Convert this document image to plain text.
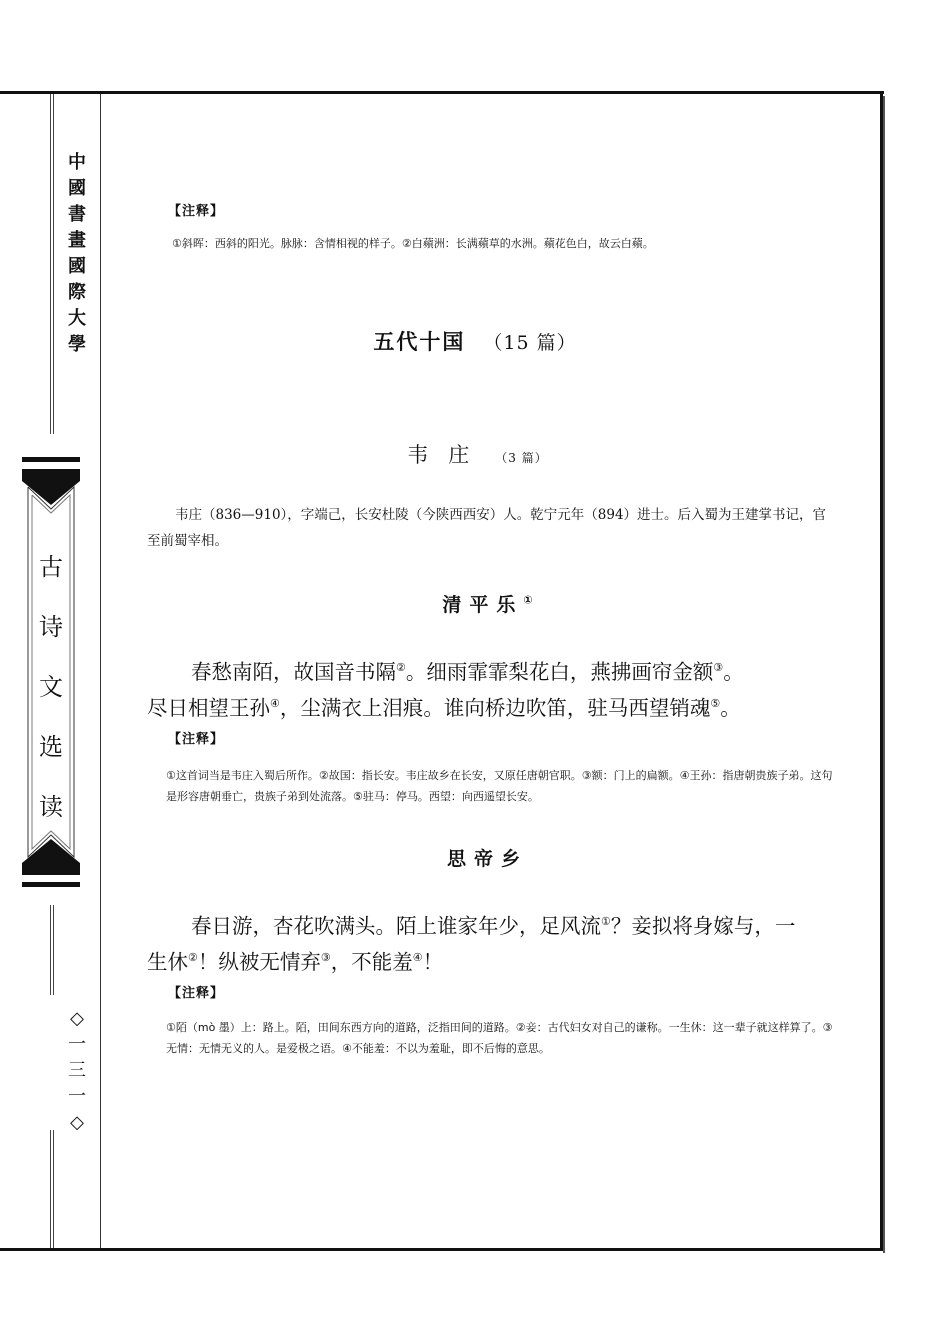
中
國
書
畫
國
際
大
學
古
诗
文
选
读
◇
一
三
一
◇
【注释】
①斜晖：西斜的阳光。脉脉：含情相视的样子。②白蘋洲：长满蘋草的水洲。蘋花色白，故云白蘋。
五代十国 （15 篇）
韦庄 （3 篇）
韦庄（836—910），字端己，长安杜陵（今陕西西安）人。乾宁元年（894）进士。后入蜀为王建掌书记，官至前蜀宰相。
清平乐①
春愁南陌，故国音书隔②。细雨霏霏梨花白，燕拂画帘金额③。
尽日相望王孙④，尘满衣上泪痕。谁向桥边吹笛，驻马西望销魂⑤。
【注释】
①这首词当是韦庄入蜀后所作。②故国：指长安。韦庄故乡在长安，又原任唐朝官职。③额：门上的扁额。④王孙：指唐朝贵族子弟。这句是形容唐朝垂亡，贵族子弟到处流落。⑤驻马：停马。西望：向西遥望长安。
思帝乡
春日游，杏花吹满头。陌上谁家年少，足风流①？妾拟将身嫁与，一
生休②！纵被无情弃③，不能羞④！
【注释】
①陌（mò 墨）上：路上。陌，田间东西方向的道路，泛指田间的道路。②妾：古代妇女对自己的谦称。一生休：这一辈子就这样算了。③无情：无情无义的人。是爱极之语。④不能羞：不以为羞耻，即不后悔的意思。
